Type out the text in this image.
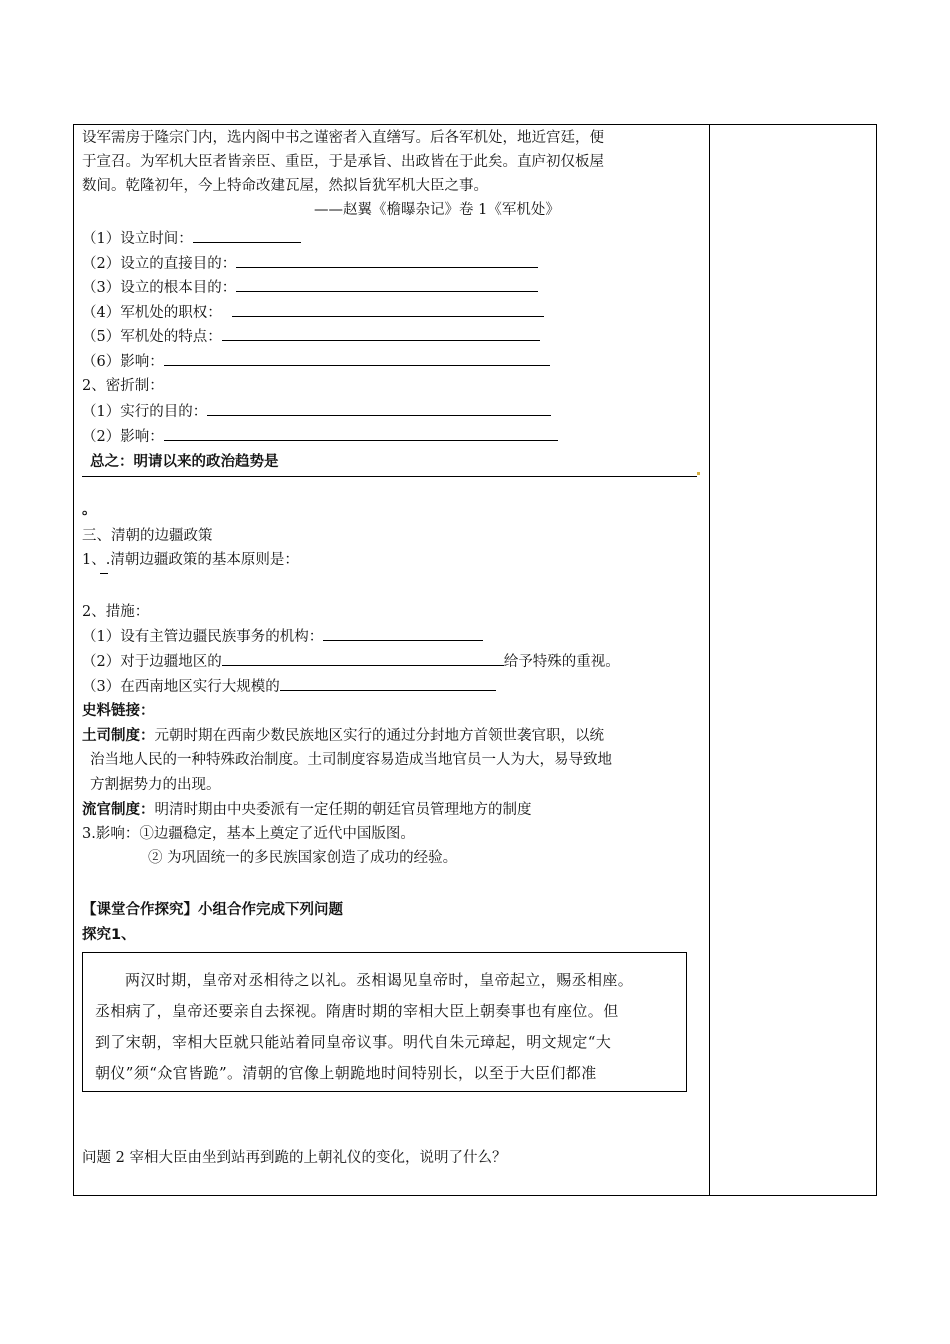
设军需房于隆宗门内，选内阁中书之谨密者入直缮写。后各军机处，地近宫廷，便
于宣召。为军机大臣者皆亲臣、重臣，于是承旨、出政皆在于此矣。直庐初仅板屋
数间。乾隆初年，今上特命改建瓦屋，然拟旨犹军机大臣之事。
——赵翼《檐曝杂记》卷 1《军机处》
（1）设立时间：
（2）设立的直接目的：
（3）设立的根本目的：
（4）军机处的职权：
（5）军机处的特点：
（6）影响：
2、密折制：
（1）实行的目的：
（2）影响：
总之：明请以来的政治趋势是
。
三、清朝的边疆政策
1、.清朝边疆政策的基本原则是：
2、措施：
（1）设有主管边疆民族事务的机构：
（2）对于边疆地区的	给予特殊的重视。
（3）在西南地区实行大规模的
史料链接：
土司制度：元朝时期在西南少数民族地区实行的通过分封地方首领世袭官职，以统
治当地人民的一种特殊政治制度。土司制度容易造成当地官员一人为大，易导致地
方割据势力的出现。
流官制度：明清时期由中央委派有一定任期的朝廷官员管理地方的制度
3.影响：①边疆稳定，基本上奠定了近代中国版图。
② 为巩固统一的多民族国家创造了成功的经验。
【课堂合作探究】小组合作完成下列问题
探究1、
两汉时期，皇帝对丞相待之以礼。丞相谒见皇帝时，皇帝起立，赐丞相座。
丞相病了，皇帝还要亲自去探视。隋唐时期的宰相大臣上朝奏事也有座位。但
到了宋朝，宰相大臣就只能站着同皇帝议事。明代自朱元璋起，明文规定“大
朝仪”须“众官皆跪”。清朝的官像上朝跪地时间特别长，以至于大臣们都准
问题 2 宰相大臣由坐到站再到跪的上朝礼仪的变化，说明了什么？
